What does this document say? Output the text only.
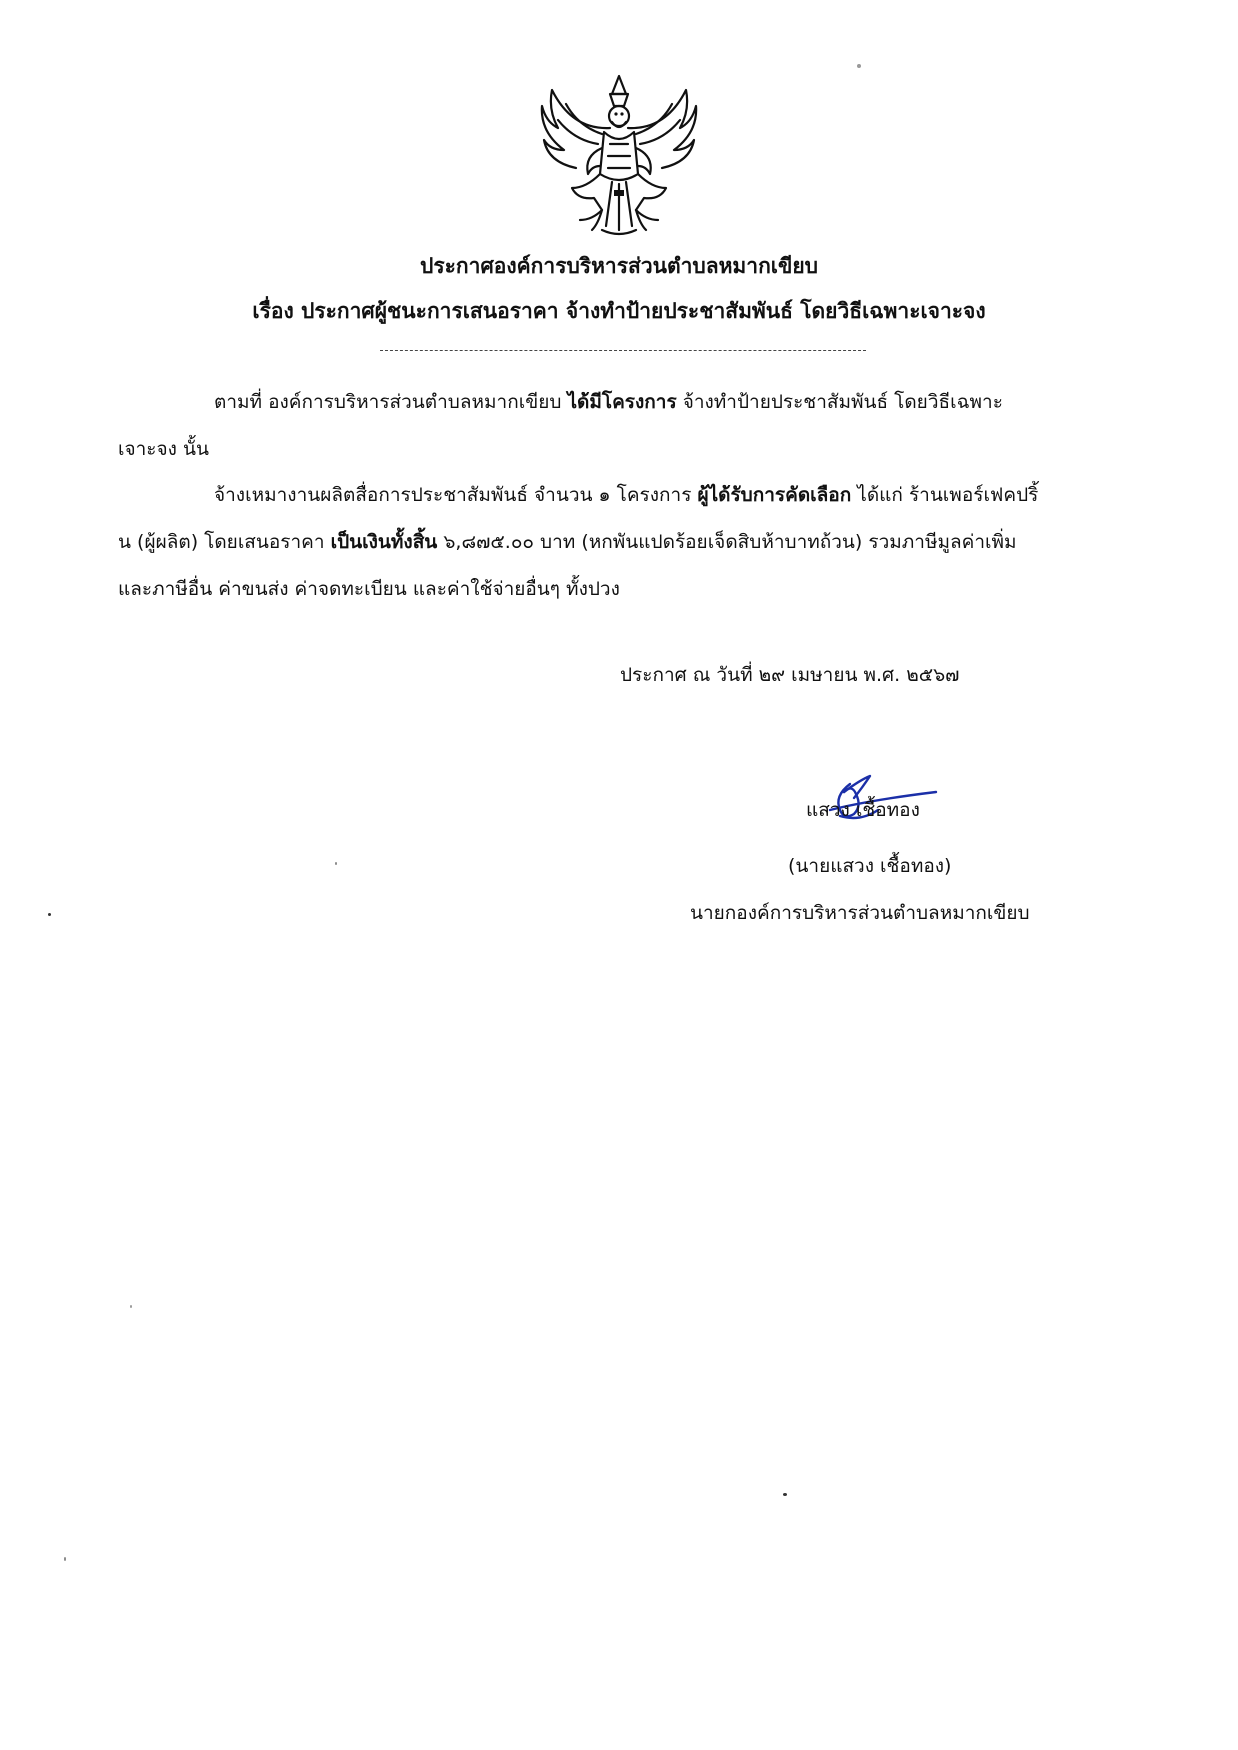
ประกาศองค์การบริหารส่วนตำบลหมากเขียบ
เรื่อง ประกาศผู้ชนะการเสนอราคา จ้างทำป้ายประชาสัมพันธ์ โดยวิธีเฉพาะเจาะจง
ตามที่ องค์การบริหารส่วนตำบลหมากเขียบ ได้มีโครงการ จ้างทำป้ายประชาสัมพันธ์ โดยวิธีเฉพาะ
เจาะจง นั้น
จ้างเหมางานผลิตสื่อการประชาสัมพันธ์ จำนวน ๑ โครงการ ผู้ได้รับการคัดเลือก ได้แก่ ร้านเพอร์เฟคปริ้
น (ผู้ผลิต) โดยเสนอราคา เป็นเงินทั้งสิ้น ๖,๘๗๕.๐๐ บาท (หกพันแปดร้อยเจ็ดสิบห้าบาทถ้วน) รวมภาษีมูลค่าเพิ่ม
และภาษีอื่น ค่าขนส่ง ค่าจดทะเบียน และค่าใช้จ่ายอื่นๆ ทั้งปวง
ประกาศ ณ วันที่ ๒๙ เมษายน พ.ศ. ๒๕๖๗
แสวง เชื้อทอง
(นายแสวง เชื้อทอง)
นายกองค์การบริหารส่วนตำบลหมากเขียบ
